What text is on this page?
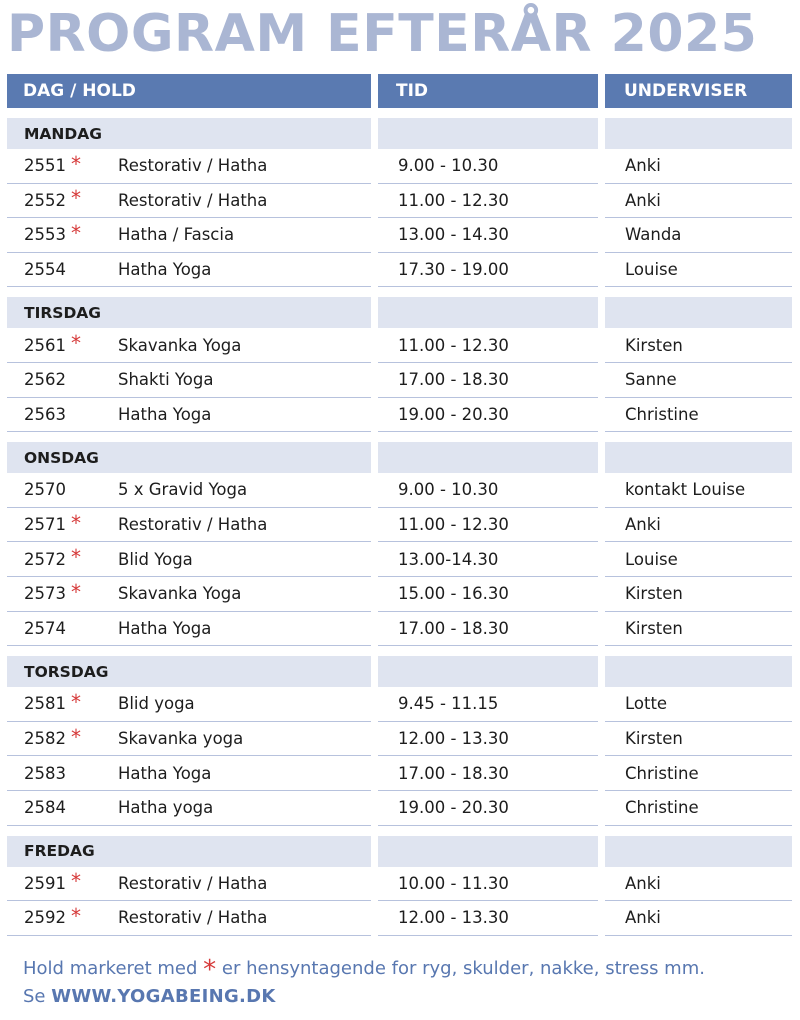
PROGRAM EFTERÅR 2025
DAG / HOLD	TID	UNDERVISER
MANDAG
2551 *	Restorativ / Hatha	9.00 - 10.30	Anki
2552 *	Restorativ / Hatha	11.00 - 12.30	Anki
2553 *	Hatha / Fascia	13.00 - 14.30	Wanda
2554	Hatha Yoga	17.30 - 19.00	Louise
TIRSDAG
2561 *	Skavanka Yoga	11.00 - 12.30	Kirsten
2562	Shakti Yoga	17.00 - 18.30	Sanne
2563	Hatha Yoga	19.00 - 20.30	Christine
ONSDAG
2570	5 x Gravid Yoga	9.00 - 10.30	kontakt Louise
2571 *	Restorativ / Hatha	11.00 - 12.30	Anki
2572 *	Blid Yoga	13.00-14.30	Louise
2573 *	Skavanka Yoga	15.00 - 16.30	Kirsten
2574	Hatha Yoga	17.00 - 18.30	Kirsten
TORSDAG
2581 *	Blid yoga	9.45 - 11.15	Lotte
2582 *	Skavanka yoga	12.00 - 13.30	Kirsten
2583	Hatha Yoga	17.00 - 18.30	Christine
2584	Hatha yoga	19.00 - 20.30	Christine
FREDAG
2591 *	Restorativ / Hatha	10.00 - 11.30	Anki
2592 *	Restorativ / Hatha	12.00 - 13.30	Anki
Hold markeret med * er hensyntagende for ryg, skulder, nakke, stress mm.
Se WWW.YOGABEING.DK
